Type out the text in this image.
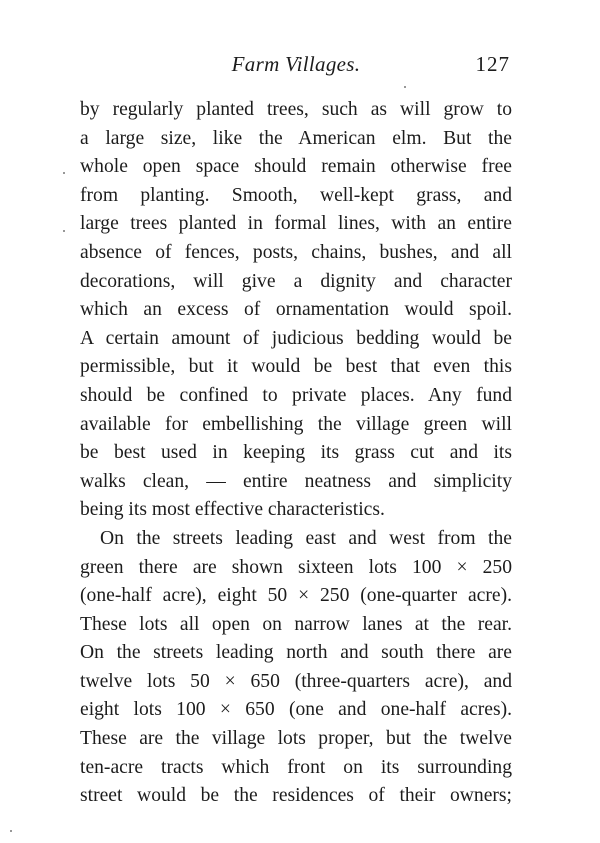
Farm Villages.	127
by regularly planted trees, such as will grow to
a large size, like the American elm. But the
whole open space should remain otherwise free
from planting. Smooth, well-kept grass, and
large trees planted in formal lines, with an entire
absence of fences, posts, chains, bushes, and all
decorations, will give a dignity and character
which an excess of ornamentation would spoil.
A certain amount of judicious bedding would be
permissible, but it would be best that even this
should be confined to private places. Any fund
available for embellishing the village green will
be best used in keeping its grass cut and its
walks clean, — entire neatness and simplicity
being its most effective characteristics.
On the streets leading east and west from the
green there are shown sixteen lots 100 × 250
(one-half acre), eight 50 × 250 (one-quarter acre).
These lots all open on narrow lanes at the rear.
On the streets leading north and south there are
twelve lots 50 × 650 (three-quarters acre), and
eight lots 100 × 650 (one and one-half acres).
These are the village lots proper, but the twelve
ten-acre tracts which front on its surrounding
street would be the residences of their owners;
